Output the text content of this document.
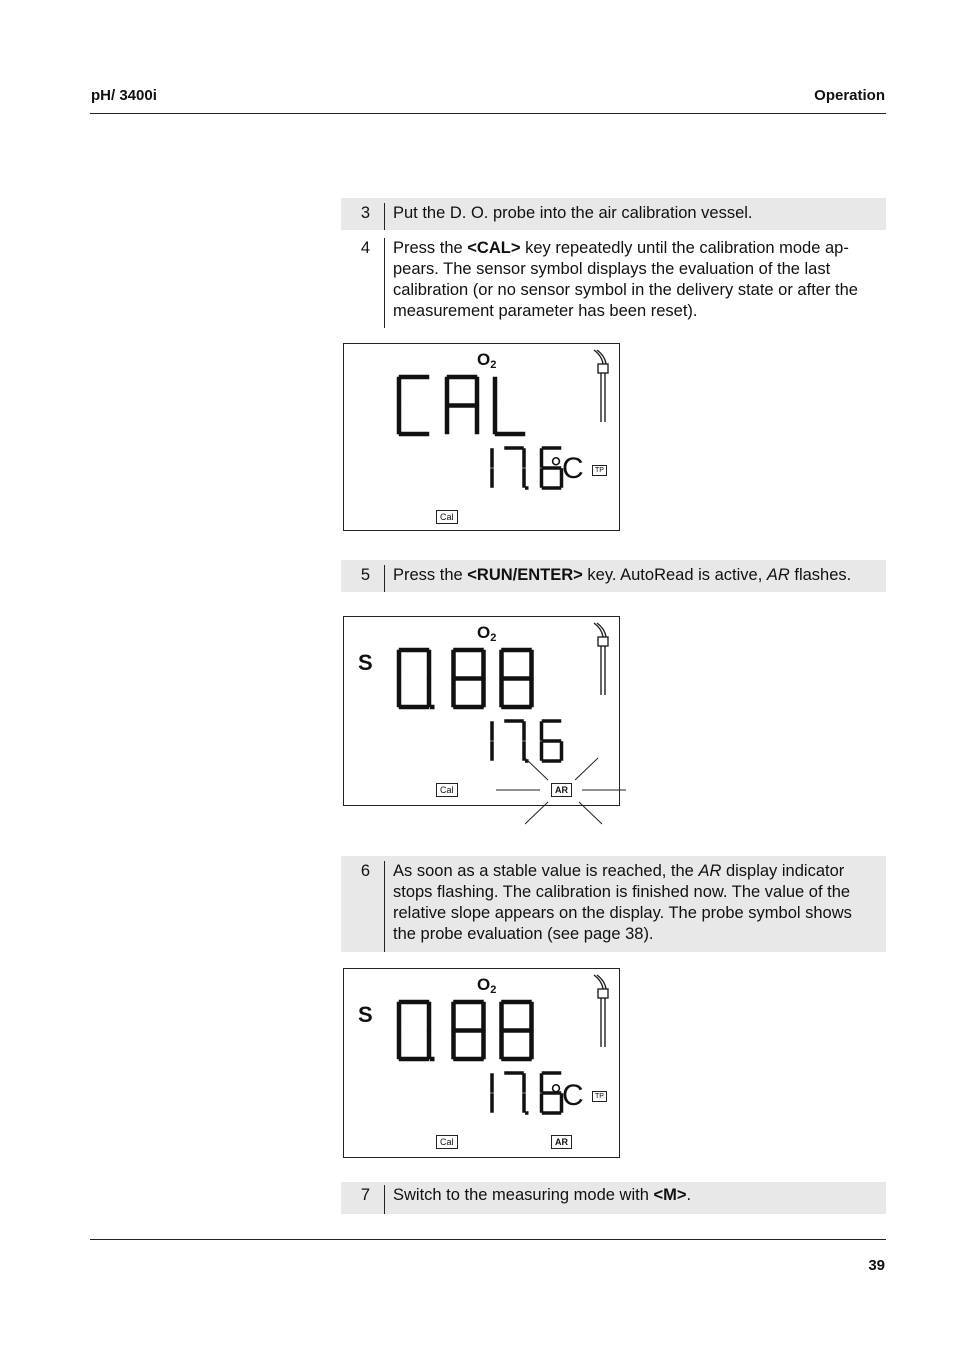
pH/ 3400i	Operation
3	Put the D. O. probe into the air calibration vessel.
4	Press the <CAL> key repeatedly until the calibration mode ap-
pears. The sensor symbol displays the evaluation of the last
calibration (or no sensor symbol in the delivery state or after the
measurement parameter has been reset).
$O_2$
°C	TP
Cal
5	Press the <RUN/ENTER> key. AutoRead is active, AR flashes.
$O_2$
S
Cal	AR
6	As soon as a stable value is reached, the AR display indicator
stops flashing. The calibration is finished now. The value of the
relative slope appears on the display. The probe symbol shows
the probe evaluation (see page 38).
$O_2$
S
°C	TP
Cal	AR
7	Switch to the measuring mode with <M>.
39
